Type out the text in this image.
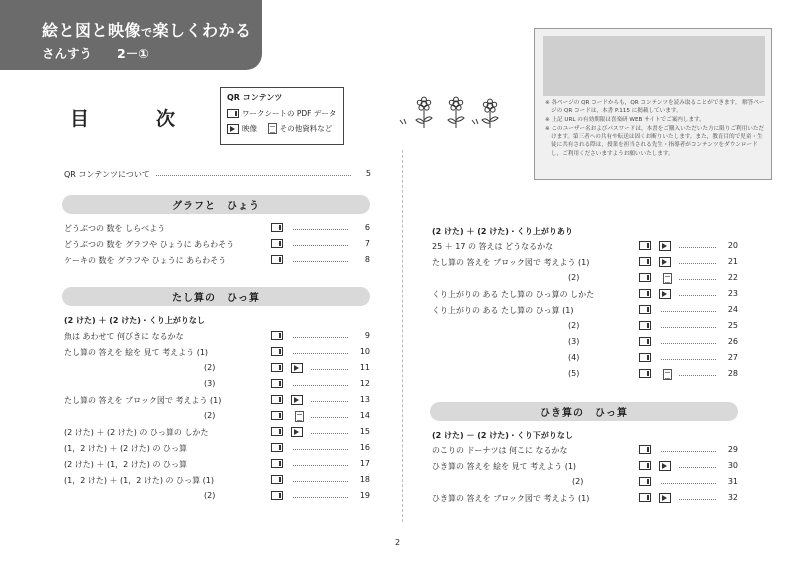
絵と図と映像で楽しくわかる
さんすう　　2－①
目　次
QR コンテンツ
ワークシートの PDF データ
映像
	その他資料など

※ 各ページの QR コードからも，QR コンテンツを読み取ることができます。 解答ページの QR コードは，本書 P.115 に掲載しています。

※ 上記 URL の有効期限は喜楽研 WEB サイトでご案内します。

※ このユーザー名およびパスワードは，本書をご購入いただいた方に限りご利用いただけます。第三者への共有や転送は固くお断りいたします。また，教育目的で児童・生徒に共有される際は，授業を担当される先生・指導者がコンテンツをダウンロードし，ご利用くださいますようお願いいたします。

QR コンテンツについて	5
グラフと　ひょう
どうぶつの 数を しらべよう	6
どうぶつの 数を グラフや ひょうに あらわそう	7
ケーキの 数を グラフや ひょうに あらわそう	8
たし算の　ひっ算
(2 けた) ＋ (2 けた)・くり上がりなし
魚は あわせて 何びきに なるかな	9
たし算の 答えを 絵を 見て 考えよう (1)	10
(2)	11
(3)	12
たし算の 答えを ブロック図で 考えよう (1)	13
(2)	14
(2 けた) ＋ (2 けた) の ひっ算の しかた	15
(1，2 けた) ＋ (2 けた) の ひっ算	16
(2 けた) ＋ (1，2 けた) の ひっ算	17
(1，2 けた) ＋ (1，2 けた) の ひっ算 (1)	18
(2)	19
(2 けた) ＋ (2 けた)・くり上がりあり
25 ＋ 17 の 答えは どうなるかな	20
たし算の 答えを ブロック図で 考えよう (1)	21
(2)	22
くり上がりの ある たし算の ひっ算の しかた	23
くり上がりの ある たし算の ひっ算 (1)	24
(2)	25
(3)	26
(4)	27
(5)	28
ひき算の　ひっ算
(2 けた) － (2 けた)・くり下がりなし
のこりの ドーナツは 何こに なるかな	29
ひき算の 答えを 絵を 見て 考えよう (1)	30
(2)	31
ひき算の 答えを ブロック図で 考えよう (1)	32
2
